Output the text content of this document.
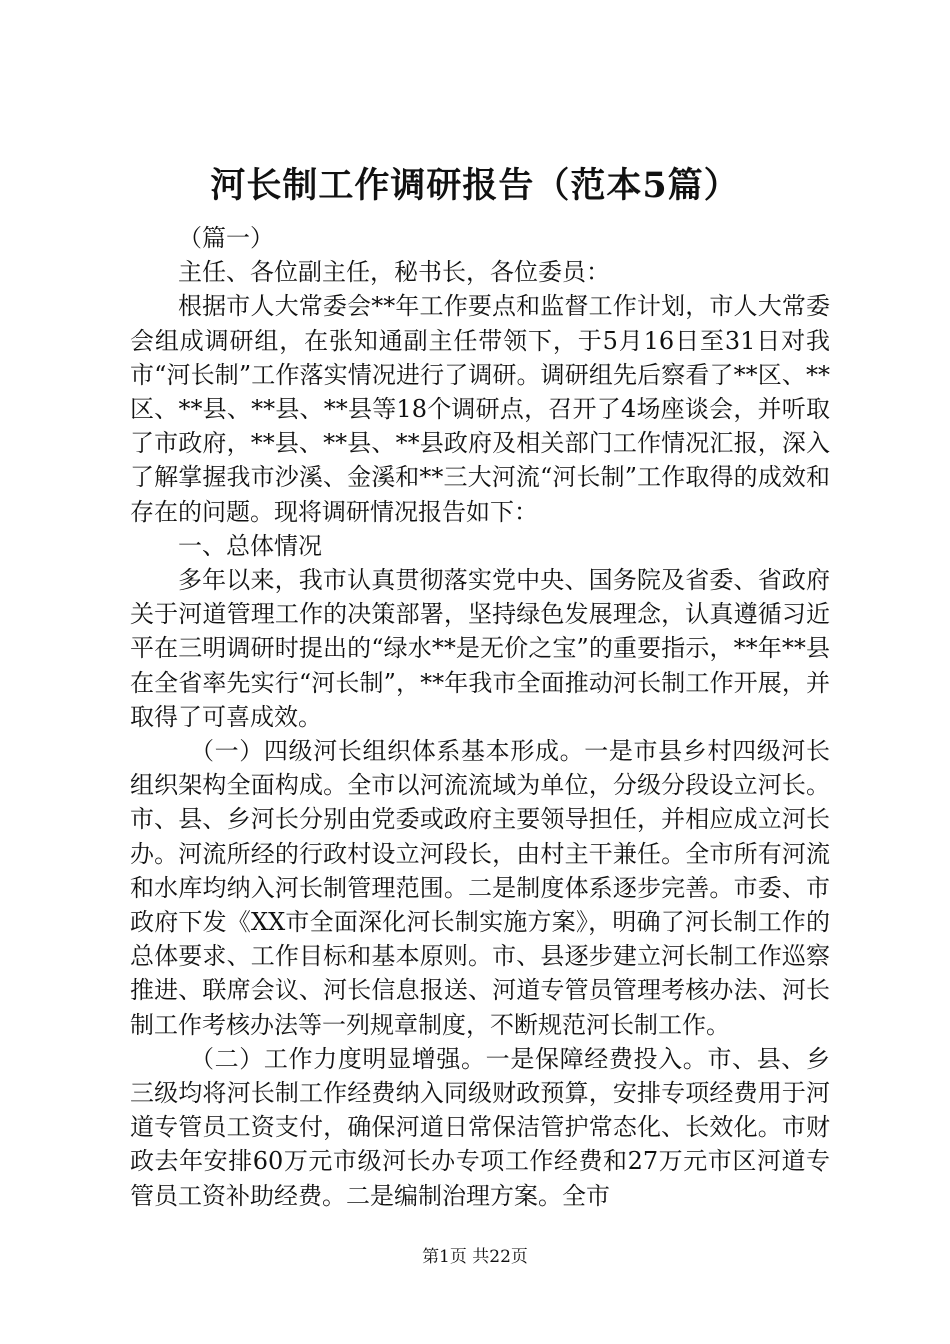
河长制工作调研报告（范本5篇）

（篇一）

主任、各位副主任，秘书长，各位委员：

根据市人大常委会**年工作要点和监督工作计划，市人大常委会组成调研组，在张知通副主任带领下，于5月16日至31日对我市“河长制”工作落实情况进行了调研。调研组先后察看了**区、**区、**县、**县、**县等18个调研点，召开了4场座谈会，并听取了市政府，**县、**县、**县政府及相关部门工作情况汇报，深入了解掌握我市沙溪、金溪和**三大河流“河长制”工作取得的成效和存在的问题。现将调研情况报告如下：

一、总体情况

多年以来，我市认真贯彻落实党中央、国务院及省委、省政府关于河道管理工作的决策部署，坚持绿色发展理念，认真遵循习近平在三明调研时提出的“绿水**是无价之宝”的重要指示，**年**县在全省率先实行“河长制”，**年我市全面推动河长制工作开展，并取得了可喜成效。

（一）四级河长组织体系基本形成。一是市县乡村四级河长组织架构全面构成。全市以河流流域为单位，分级分段设立河长。市、县、乡河长分别由党委或政府主要领导担任，并相应成立河长办。河流所经的行政村设立河段长，由村主干兼任。全市所有河流和水库均纳入河长制管理范围。二是制度体系逐步完善。市委、市政府下发《XX市全面深化河长制实施方案》，明确了河长制工作的总体要求、工作目标和基本原则。市、县逐步建立河长制工作巡察推进、联席会议、河长信息报送、河道专管员管理考核办法、河长制工作考核办法等一列规章制度，不断规范河长制工作。

（二）工作力度明显增强。一是保障经费投入。市、县、乡三级均将河长制工作经费纳入同级财政预算，安排专项经费用于河道专管员工资支付，确保河道日常保洁管护常态化、长效化。市财政去年安排60万元市级河长办专项工作经费和27万元市区河道专管员工资补助经费。二是编制治理方案。全市

第1页 共22页
